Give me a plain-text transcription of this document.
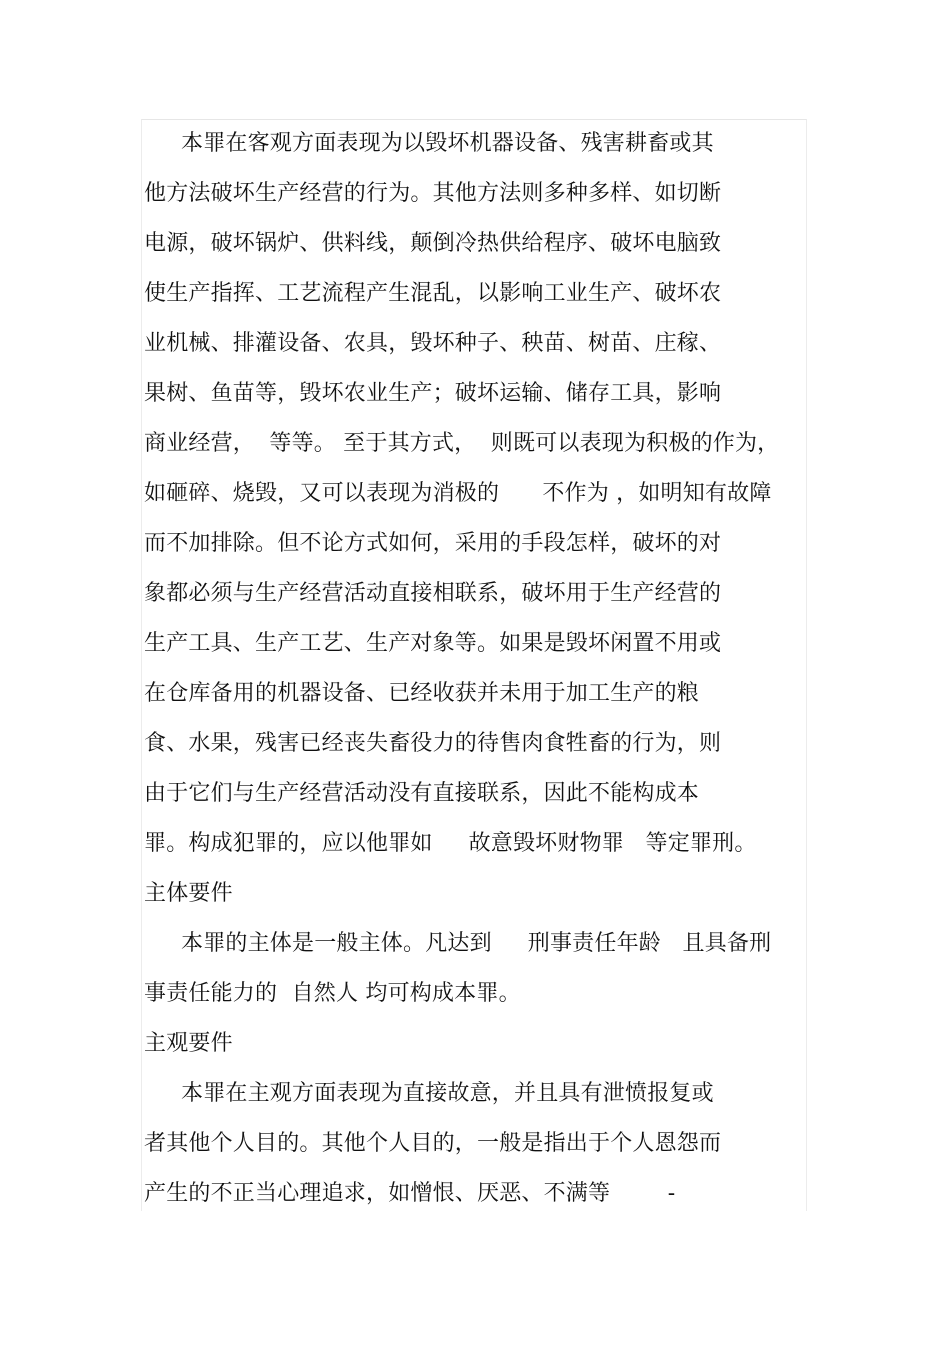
本罪在客观方面表现为以毁坏机器设备、残害耕畜或其
他方法破坏生产经营的行为。其他方法则多种多样、如切断
电源，破坏锅炉、供料线，颠倒冷热供给程序、破坏电脑致
使生产指挥、工艺流程产生混乱，以影响工业生产、破坏农
业机械、排灌设备、农具，毁坏种子、秧苗、树苗、庄稼、
果树、鱼苗等，毁坏农业生产；破坏运输、储存工具，影响
商业经营，  等等。 至于其方式，  则既可以表现为积极的作为，
如砸碎、烧毁，又可以表现为消极的      不作为 ，如明知有故障
而不加排除。但不论方式如何，采用的手段怎样，破坏的对
象都必须与生产经营活动直接相联系，破坏用于生产经营的
生产工具、生产工艺、生产对象等。如果是毁坏闲置不用或
在仓库备用的机器设备、已经收获并未用于加工生产的粮
食、水果，残害已经丧失畜役力的待售肉食牲畜的行为，则
由于它们与生产经营活动没有直接联系，因此不能构成本
罪。构成犯罪的，应以他罪如     故意毁坏财物罪   等定罪刑。
主体要件
本罪的主体是一般主体。凡达到     刑事责任年龄   且具备刑
事责任能力的  自然人 均可构成本罪。
主观要件
本罪在主观方面表现为直接故意，并且具有泄愤报复或
者其他个人目的。其他个人目的，一般是指出于个人恩怨而
产生的不正当心理追求，如憎恨、厌恶、不满等        -
